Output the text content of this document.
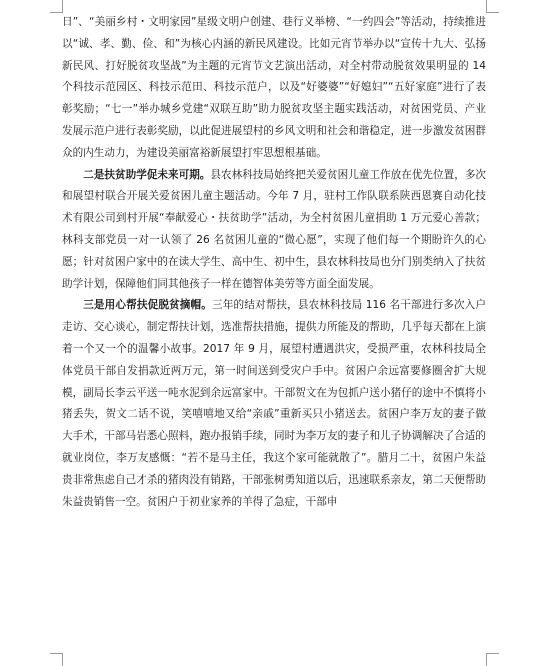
日”、“美丽乡村・文明家园”星级文明户创建、巷行义举榜、“一约四会”等活动，持续推进以“诚、孝、勤、俭、和”为核心内涵的新民风建设。比如元宵节举办以“宣传十九大、弘扬新民风、打好脱贫攻坚战”为主题的元宵节文艺演出活动，对全村带动脱贫效果明显的 14 个科技示范园区、科技示范田、科技示范户，以及“好婆婆”“好媳妇”“五好家庭”进行了表彰奖励；“七一”举办城乡党建“双联互助”助力脱贫攻坚主题实践活动，对贫困党员、产业发展示范户进行表彰奖励，以此促进展望村的乡风文明和社会和谐稳定，进一步激发贫困群众的内生动力，为建设美丽富裕新展望打牢思想根基础。

二是扶贫助学促未来可期。县农林科技局始终把关爱贫困儿童工作放在优先位置，多次和展望村联合开展关爱贫困儿童主题活动。今年 7 月，驻村工作队联系陕西恩赛自动化技术有限公司到村开展“奉献爱心・扶贫助学”活动，为全村贫困儿童捐助 1 万元爱心善款；林科支部党员一对一认领了 26 名贫困儿童的“微心愿”，实现了他们每一个期盼许久的心愿；针对贫困户家中的在读大学生、高中生、初中生，县农林科技局也分门别类纳入了扶贫助学计划，保障他们同其他孩子一样在德智体美劳等方面全面发展。

三是用心帮扶促脱贫摘帽。三年的结对帮扶，县农林科技局 116 名干部进行多次入户走访、交心谈心，制定帮扶计划，选准帮扶措施，提供力所能及的帮助，几乎每天都在上演着一个又一个的温馨小故事。2017 年 9 月，展望村遭遇洪灾，受损严重，农林科技局全体党员干部自发捐款近两万元，第一时间送到受灾户手中。贫困户余远富要修圈舍扩大规模，副局长李云平送一吨水泥到余远富家中。干部贺文在为包抓户送小猪仔的途中不慎将小猪丢失，贺文二话不说，笑嘻嘻地又给“亲戚”重新买只小猪送去。贫困户李万友的妻子做大手术，干部马岩悉心照料，跑办报销手续，同时为李万友的妻子和儿子协调解决了合适的就业岗位，李万友感慨：“若不是马主任，我这个家可能就散了”。腊月二十，贫困户朱益贵非常焦虑自己才杀的猪肉没有销路，干部张树勇知道以后，迅速联系亲友，第二天便帮助朱益贵销售一空。贫困户于初业家养的羊得了急症，干部申
